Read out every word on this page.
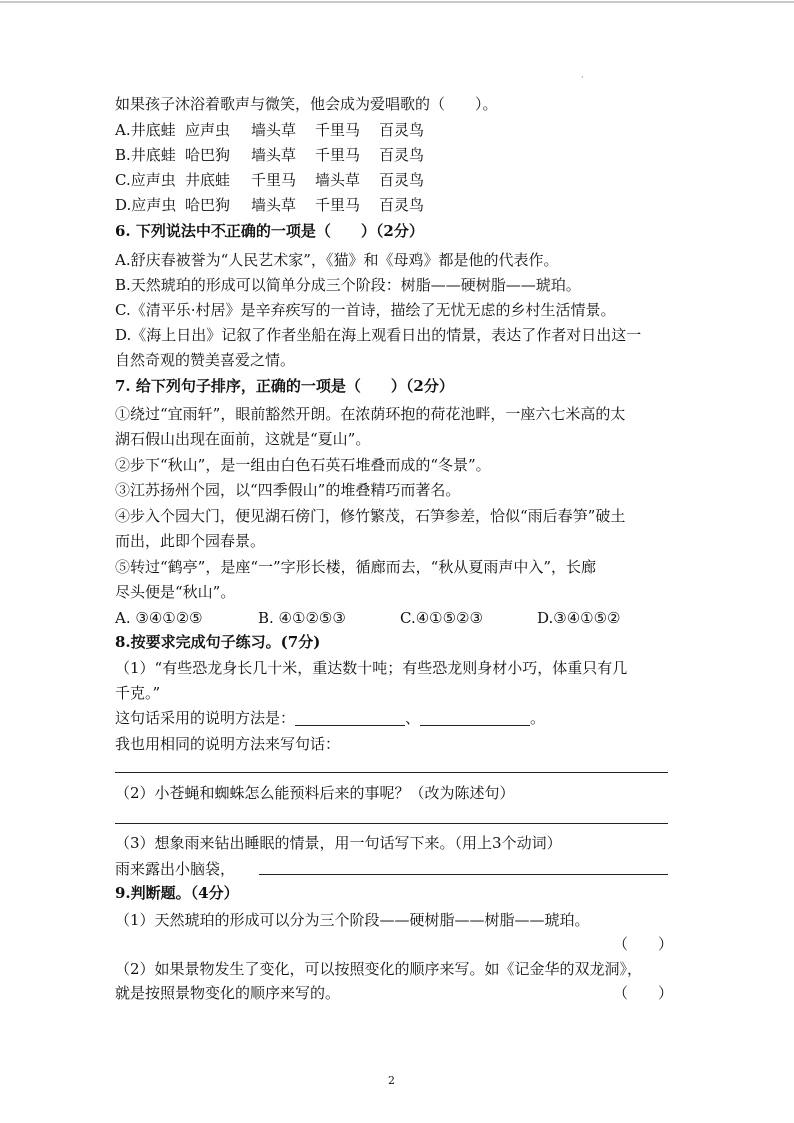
·
如果孩子沐浴着歌声与微笑，他会成为爱唱歌的（　　）。
A.井底蛙 应声虫 墙头草 千里马 百灵鸟
B.井底蛙 哈巴狗 墙头草 千里马 百灵鸟
C.应声虫 井底蛙 千里马 墙头草 百灵鸟
D.应声虫 哈巴狗 墙头草 千里马 百灵鸟
6. 下列说法中不正 ··确的一项是（　　）（2分）
A.舒庆春被誉为“人民艺术家”，《猫》和《母鸡》都是他的代表作。
B.天然琥珀的形成可以简单分成三个阶段：树脂——硬树脂——琥珀。
C.《清平乐·村居》是辛弃疾写的一首诗，描绘了无忧无虑的乡村生活情景。
D.《海上日出》记叙了作者坐船在海上观看日出的情景，表达了作者对日出这一
自然奇观的赞美喜爱之情。
7. 给下列句子排序，正确的一项是（　　）（2分）
①绕过“宜雨轩”，眼前豁然开朗。在浓荫环抱的荷花池畔，一座六七米高的太
湖石假山出现在面前，这就是“夏山”。
②步下“秋山”，是一组由白色石英石堆叠而成的“冬景”。
③江苏扬州个园，以“四季假山”的堆叠精巧而著名。
④步入个园大门，便见湖石傍门，修竹繁茂，石笋参差，恰似“雨后春笋”破土
而出，此即个园春景。
⑤转过“鹤亭”，是座“一”字形长楼，循廊而去，“秋从夏雨声中入”，长廊
尽头便是“秋山”。
A. ③④①②⑤	B. ④①②⑤③	C.④①⑤②③	D.③④①⑤②
8.按要求完成句子练习。(7分)
（1）“有些恐龙身长几十米，重达数十吨；有些恐龙则身材小巧，体重只有几
千克。”
这句话采用的说明方法是：	、	。
我也用相同的说明方法来写句话：
（2）小苍蝇和蜘蛛怎么能预料后来的事呢？（改为陈述句）
（3）想象雨来钻出睡眠的情景，用一句话写下来。（用上3个动词）
雨来露出小脑袋，
9.判断题。（4分）
（1）天然琥珀的形成可以分为三个阶段——硬树脂——树脂——琥珀。
（　　）
（2）如果景物发生了变化，可以按照变化的顺序来写。如《记金华的双龙洞》，
就是按照景物变化的顺序来写的。	（　　）
2
